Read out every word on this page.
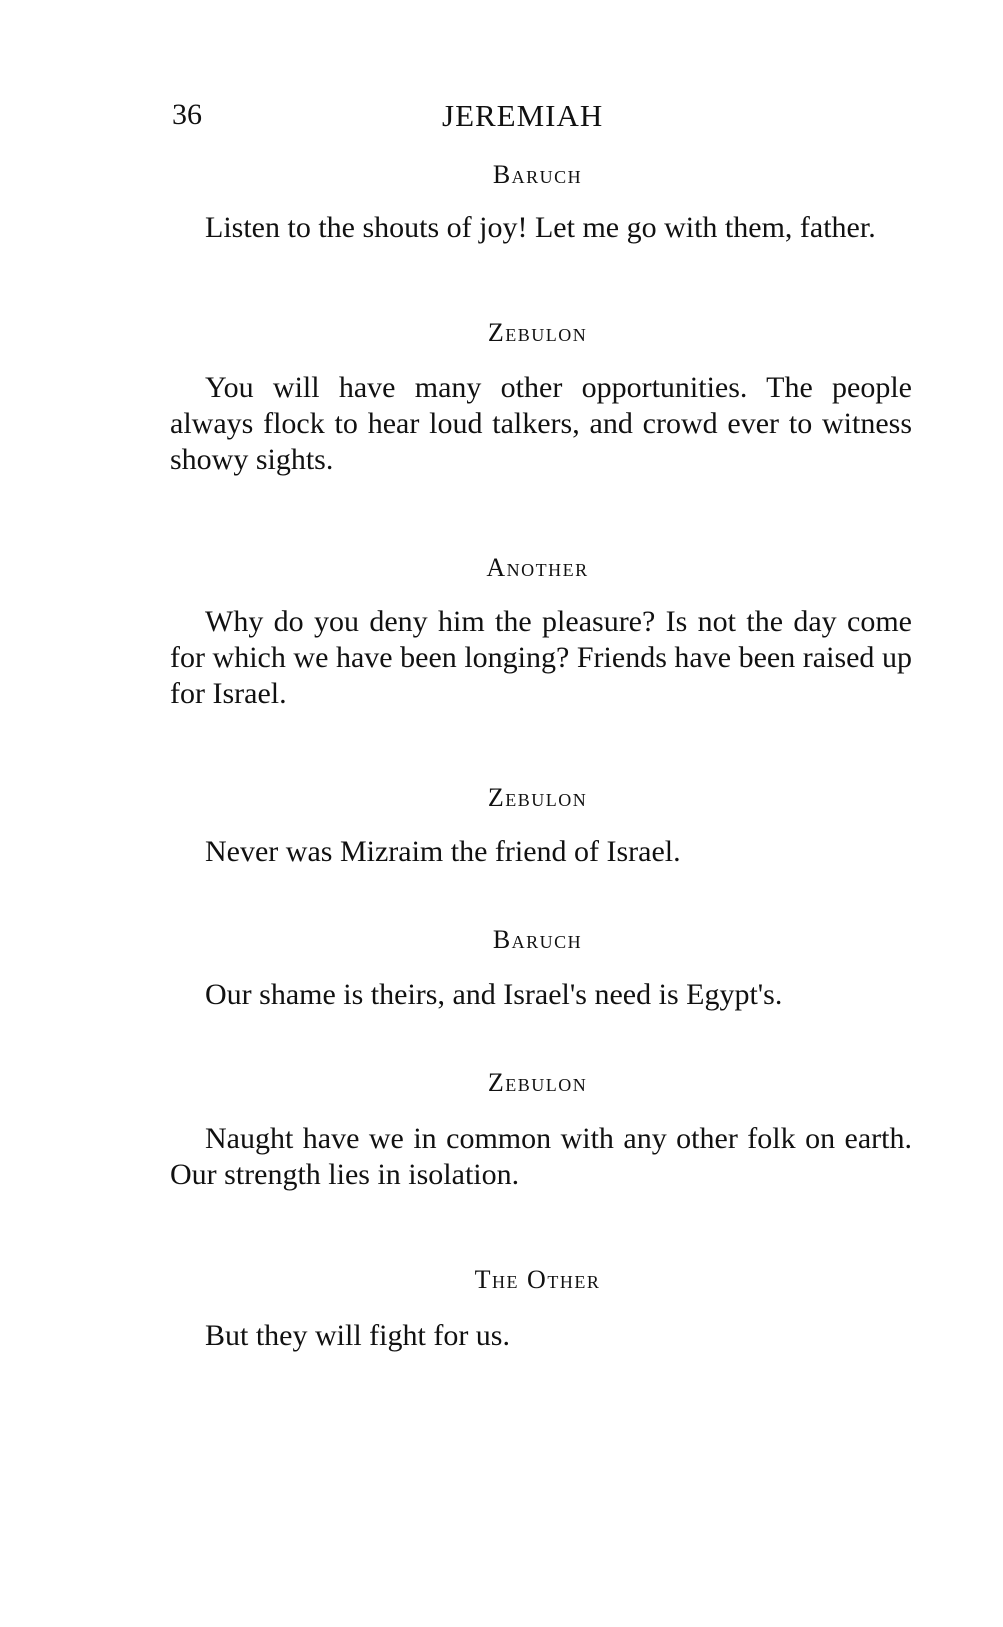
36	JEREMIAH
Baruch

Listen to the shouts of joy! Let me go with them, father.

Zebulon

You will have many other opportunities. The people always flock to hear loud talkers, and crowd ever to witness showy sights.

Another

Why do you deny him the pleasure? Is not the day come for which we have been longing? Friends have been raised up for Israel.

Zebulon

Never was Mizraim the friend of Israel.

Baruch

Our shame is theirs, and Israel's need is Egypt's.

Zebulon

Naught have we in common with any other folk on earth. Our strength lies in isolation.

The Other

But they will fight for us.
